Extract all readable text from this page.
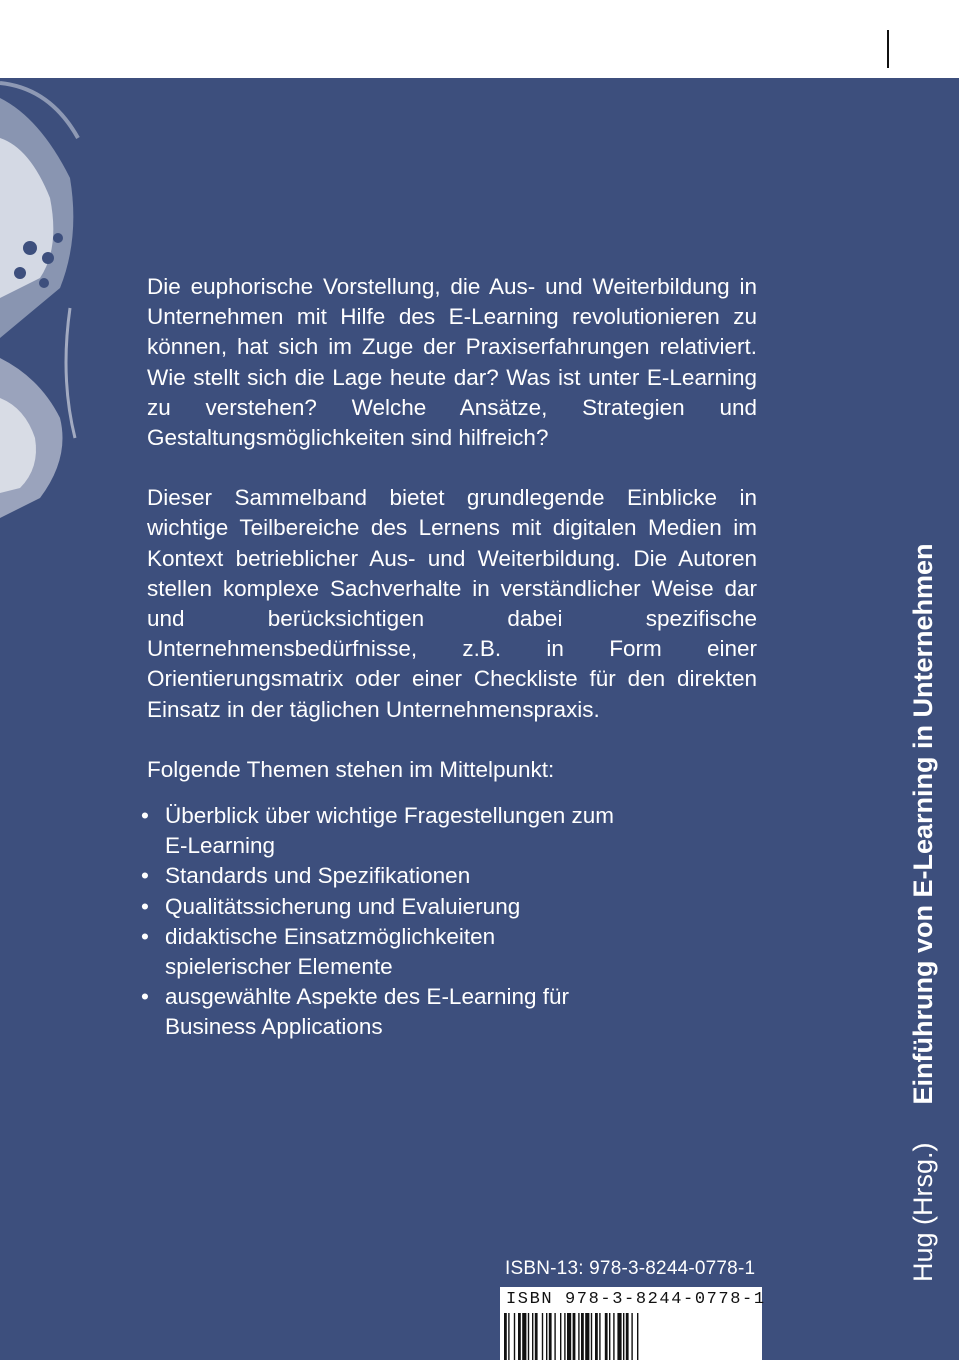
Die euphorische Vorstellung, die Aus- und Weiterbildung in Unternehmen mit Hilfe des E-Learning revolutionieren zu können, hat sich im Zuge der Praxiserfahrungen relativiert. Wie stellt sich die Lage heute dar? Was ist unter E-Learning zu verstehen? Welche Ansätze, Strategien und Gestaltungsmöglichkeiten sind hilfreich?

Dieser Sammelband bietet grundlegende Einblicke in wichtige Teilbereiche des Lernens mit digitalen Medien im Kontext betrieblicher Aus- und Weiterbildung. Die Autoren stellen komplexe Sachverhalte in verständlicher Weise dar und berücksichtigen dabei spezifische Unternehmensbedürfnisse, z.B. in Form einer Orientierungsmatrix oder einer Checkliste für den direkten Einsatz in der täglichen Unternehmenspraxis.

Folgende Themen stehen im Mittelpunkt:

• Überblick über wichtige Fragestellungen zum E-Learning
• Standards und Spezifikationen
• Qualitätssicherung und Evaluierung
• didaktische Einsatzmöglichkeiten spielerischer Elemente
• ausgewählte Aspekte des E-Learning für Business Applications
Hug (Hrsg.)Einführung von E-Learning in Unternehmen
ISBN-13: 978-3-8244-0778-1
ISBN 978-3-8244-0778-1
